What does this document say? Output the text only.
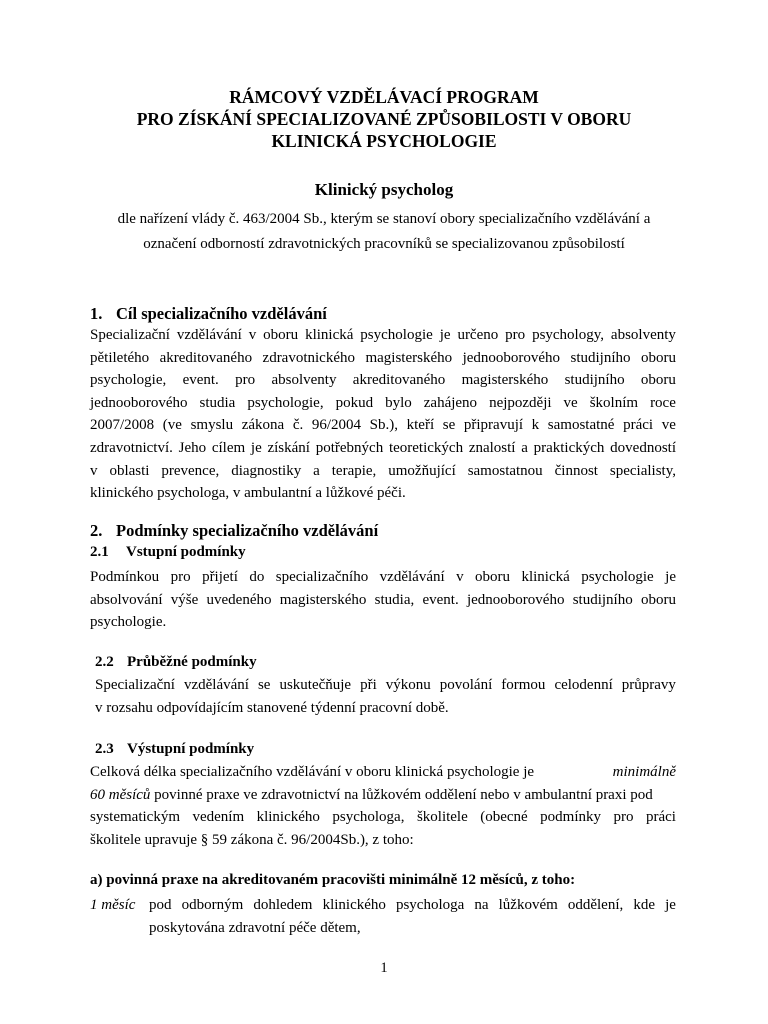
RÁMCOVÝ VZDĚLÁVACÍ PROGRAM
PRO ZÍSKÁNÍ SPECIALIZOVANÉ ZPŮSOBILOSTI V OBORU
KLINICKÁ PSYCHOLOGIE
Klinický psycholog
dle nařízení vlády č. 463/2004 Sb., kterým se stanoví obory specializačního vzdělávání a
označení odborností zdravotnických pracovníků se specializovanou způsobilostí
1. Cíl specializačního vzdělávání
Specializační vzdělávání v oboru klinická psychologie je určeno pro psychology, absolventy
pětiletého akreditovaného zdravotnického magisterského jednooborového studijního oboru
psychologie, event. pro absolventy akreditovaného magisterského studijního oboru
jednooborového studia psychologie, pokud bylo zahájeno nejpozději ve školním roce
2007/2008 (ve smyslu zákona č. 96/2004 Sb.), kteří se připravují k samostatné práci ve
zdravotnictví. Jeho cílem je získání potřebných teoretických znalostí a praktických dovedností
v oblasti prevence, diagnostiky a terapie, umožňující samostatnou činnost specialisty,
klinického psychologa, v ambulantní a lůžkové péči.
2. Podmínky specializačního vzdělávání
2.1 Vstupní podmínky
Podmínkou pro přijetí do specializačního vzdělávání v oboru klinická psychologie je
absolvování výše uvedeného magisterského studia, event. jednooborového studijního oboru
psychologie.
2.2 Průběžné podmínky
Specializační vzdělávání se uskutečňuje při výkonu povolání formou celodenní průpravy
v rozsahu odpovídajícím stanovené týdenní pracovní době.
2.3 Výstupní podmínky
Celková délka specializačního vzdělávání v oboru klinická psychologie je	minimálně
60 měsíců povinné praxe ve zdravotnictví na lůžkovém oddělení nebo v ambulantní praxi pod
systematickým vedením klinického psychologa, školitele (obecné podmínky pro práci
školitele upravuje § 59 zákona č. 96/2004Sb.), z toho:
a) povinná praxe na akreditovaném pracovišti minimálně 12 měsíců, z toho:
1 měsíc pod odborným dohledem klinického psychologa na lůžkovém oddělení, kde je
poskytována zdravotní péče dětem,
1
